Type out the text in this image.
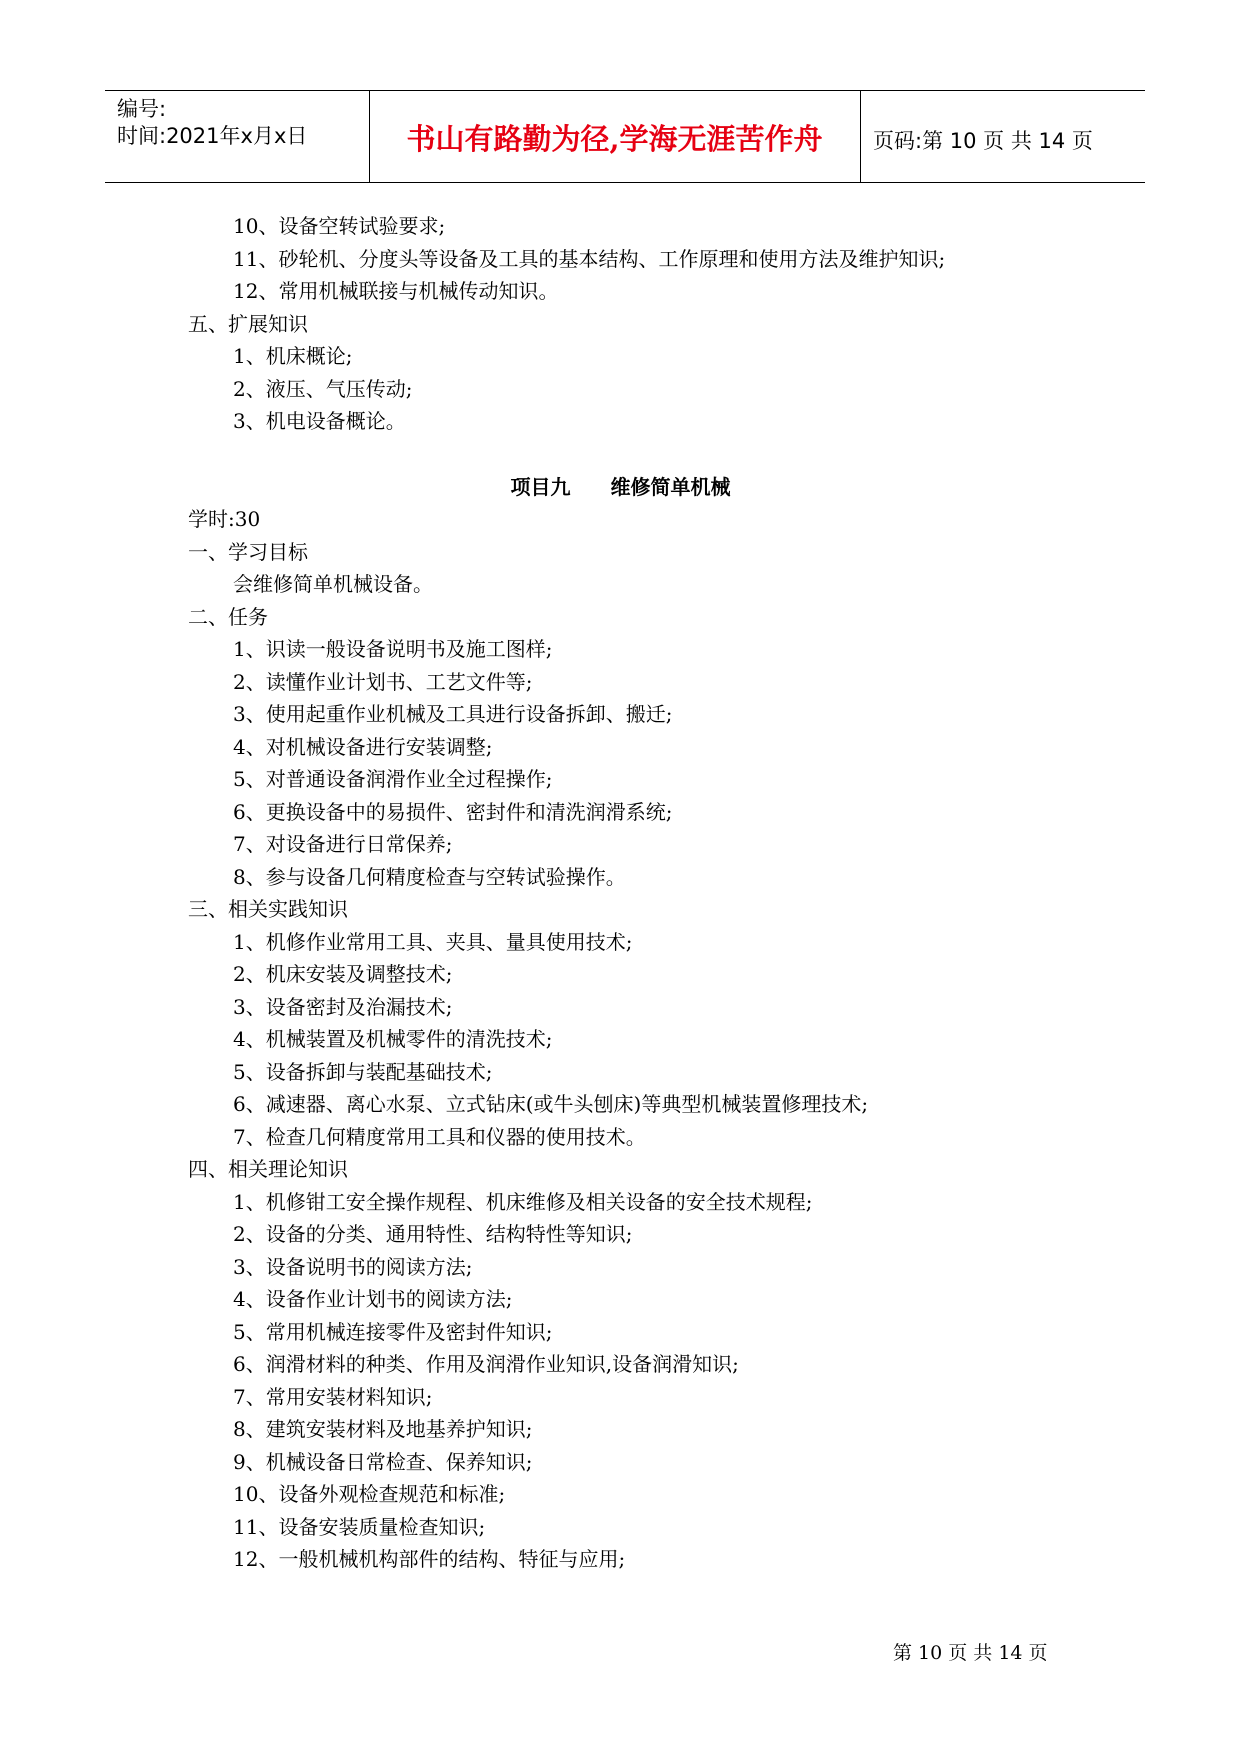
编号:
时间:2021年x月x日	书山有路勤为径,学海无涯苦作舟	页码:第 10 页 共 14 页
10、设备空转试验要求;
11、砂轮机、分度头等设备及工具的基本结构、工作原理和使用方法及维护知识;
12、常用机械联接与机械传动知识。
五、扩展知识
1、机床概论;
2、液压、气压传动;
3、机电设备概论。
项目九 维修简单机械
学时:30
一、学习目标
会维修简单机械设备。
二、任务
1、识读一般设备说明书及施工图样;
2、读懂作业计划书、工艺文件等;
3、使用起重作业机械及工具进行设备拆卸、搬迁;
4、对机械设备进行安装调整;
5、对普通设备润滑作业全过程操作;
6、更换设备中的易损件、密封件和清洗润滑系统;
7、对设备进行日常保养;
8、参与设备几何精度检查与空转试验操作。
三、相关实践知识
1、机修作业常用工具、夹具、量具使用技术;
2、机床安装及调整技术;
3、设备密封及治漏技术;
4、机械装置及机械零件的清洗技术;
5、设备拆卸与装配基础技术;
6、减速器、离心水泵、立式钻床(或牛头刨床)等典型机械装置修理技术;
7、检查几何精度常用工具和仪器的使用技术。
四、相关理论知识
1、机修钳工安全操作规程、机床维修及相关设备的安全技术规程;
2、设备的分类、通用特性、结构特性等知识;
3、设备说明书的阅读方法;
4、设备作业计划书的阅读方法;
5、常用机械连接零件及密封件知识;
6、润滑材料的种类、作用及润滑作业知识,设备润滑知识;
7、常用安装材料知识;
8、建筑安装材料及地基养护知识;
9、机械设备日常检查、保养知识;
10、设备外观检查规范和标准;
11、设备安装质量检查知识;
12、一般机械机构部件的结构、特征与应用;
第 10 页 共 14 页
